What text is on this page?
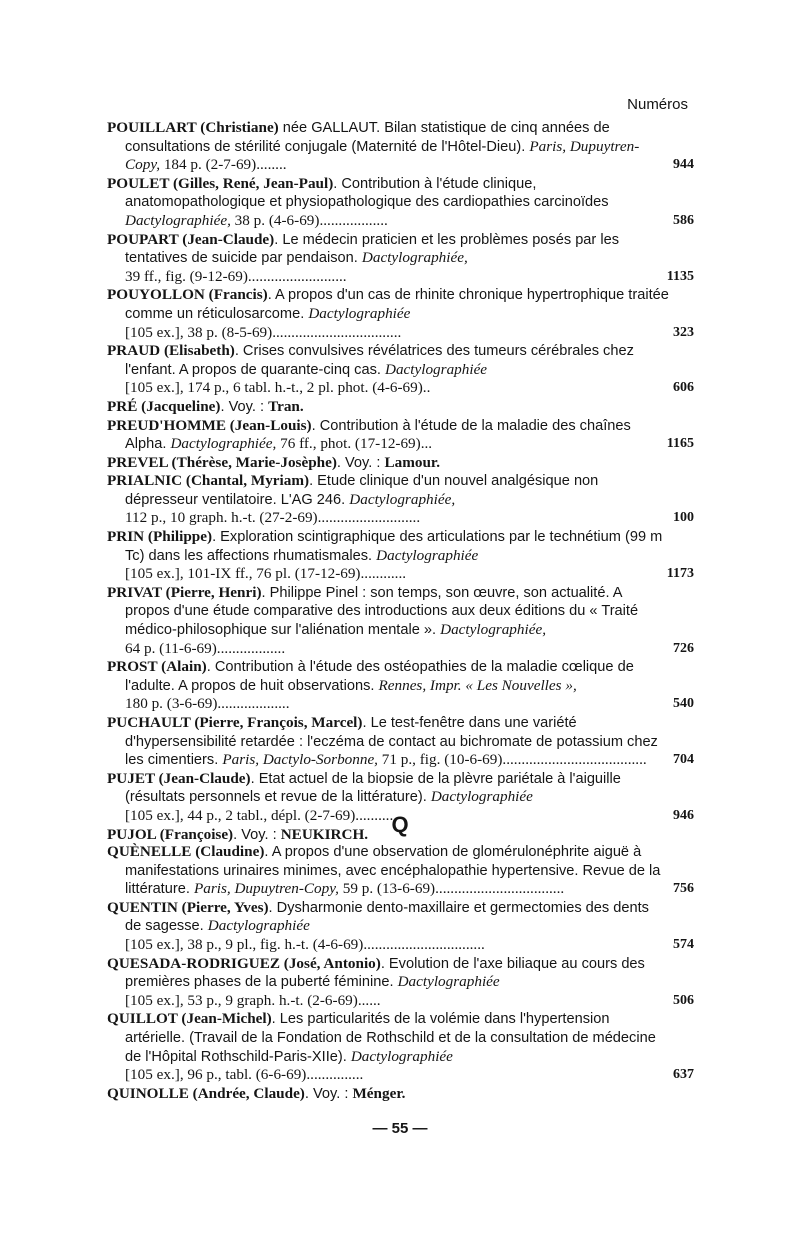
Numéros

POUILLART (Christiane) née GALLAUT. Bilan statistique de cinq années de consultations de stérilité conjugale (Maternité de l'Hôtel-Dieu). Paris, Dupuytren-Copy, 184 p. (2-7-69)........	944

POULET (Gilles, René, Jean-Paul). Contribution à l'étude clinique, anatomopathologique et physiopathologique des cardiopathies carcinoïdes Dactylographiée, 38 p. (4-6-69)..................	586

POUPART (Jean-Claude). Le médecin praticien et les problèmes posés par les tentatives de suicide par pendaison. Dactylographiée, 39 ff., fig. (9-12-69)..........................	1135

POUYOLLON (Francis). A propos d'un cas de rhinite chronique hypertrophique traitée comme un réticulosarcome. Dactylographiée [105 ex.], 38 p. (8-5-69)..................................	323

PRAUD (Elisabeth). Crises convulsives révélatrices des tumeurs cérébrales chez l'enfant. A propos de quarante-cinq cas. Dactylographiée [105 ex.], 174 p., 6 tabl. h.-t., 2 pl. phot. (4-6-69)..	606

PRÉ (Jacqueline). Voy. : Tran.

PREUD'HOMME (Jean-Louis). Contribution à l'étude de la maladie des chaînes Alpha. Dactylographiée, 76 ff., phot. (17-12-69)...	1165

PREVEL (Thérèse, Marie-Josèphe). Voy. : Lamour.

PRIALNIC (Chantal, Myriam). Etude clinique d'un nouvel analgésique non dépresseur ventilatoire. L'AG 246. Dactylographiée, 112 p., 10 graph. h.-t. (27-2-69)...........................	100

PRIN (Philippe). Exploration scintigraphique des articulations par le technétium (99 m Tc) dans les affections rhumatismales. Dactylographiée [105 ex.], 101-IX ff., 76 pl. (17-12-69)............	1173

PRIVAT (Pierre, Henri). Philippe Pinel : son temps, son œuvre, son actualité. A propos d'une étude comparative des introductions aux deux éditions du « Traité médico-philosophique sur l'aliénation mentale ». Dactylographiée, 64 p. (11-6-69)..................	726

PROST (Alain). Contribution à l'étude des ostéopathies de la maladie cœlique de l'adulte. A propos de huit observations. Rennes, Impr. « Les Nouvelles », 180 p. (3-6-69)...................	540

PUCHAULT (Pierre, François, Marcel). Le test-fenêtre dans une variété d'hypersensibilité retardée : l'eczéma de contact au bichromate de potassium chez les cimentiers. Paris, Dactylo-Sorbonne, 71 p., fig. (10-6-69)...................................... 704

PUJET (Jean-Claude). Etat actuel de la biopsie de la plèvre pariétale à l'aiguille (résultats personnels et revue de la littérature). Dactylographiée [105 ex.], 44 p., 2 tabl., dépl. (2-7-69)...........	946

PUJOL (Françoise). Voy. : NEUKIRCH.	Q

QUÈNELLE (Claudine). A propos d'une observation de glomérulonéphrite aiguë à manifestations urinaires minimes, avec encéphalopathie hypertensive. Revue de la littérature. Paris, Dupuytren-Copy, 59 p. (13-6-69)..................................	756

QUENTIN (Pierre, Yves). Dysharmonie dento-maxillaire et germectomies des dents de sagesse. Dactylographiée [105 ex.], 38 p., 9 pl., fig. h.-t. (4-6-69)................................	574

QUESADA-RODRIGUEZ (José, Antonio). Evolution de l'axe biliaque au cours des premières phases de la puberté féminine. Dactylographiée [105 ex.], 53 p., 9 graph. h.-t. (2-6-69)......	506

QUILLOT (Jean-Michel). Les particularités de la volémie dans l'hypertension artérielle. (Travail de la Fondation de Rothschild et de la consultation de médecine de l'Hôpital Rothschild-Paris-XIIe). Dactylographiée [105 ex.], 96 p., tabl. (6-6-69)...............	637

QUINOLLE (Andrée, Claude). Voy. : Ménger.

— 55 —
